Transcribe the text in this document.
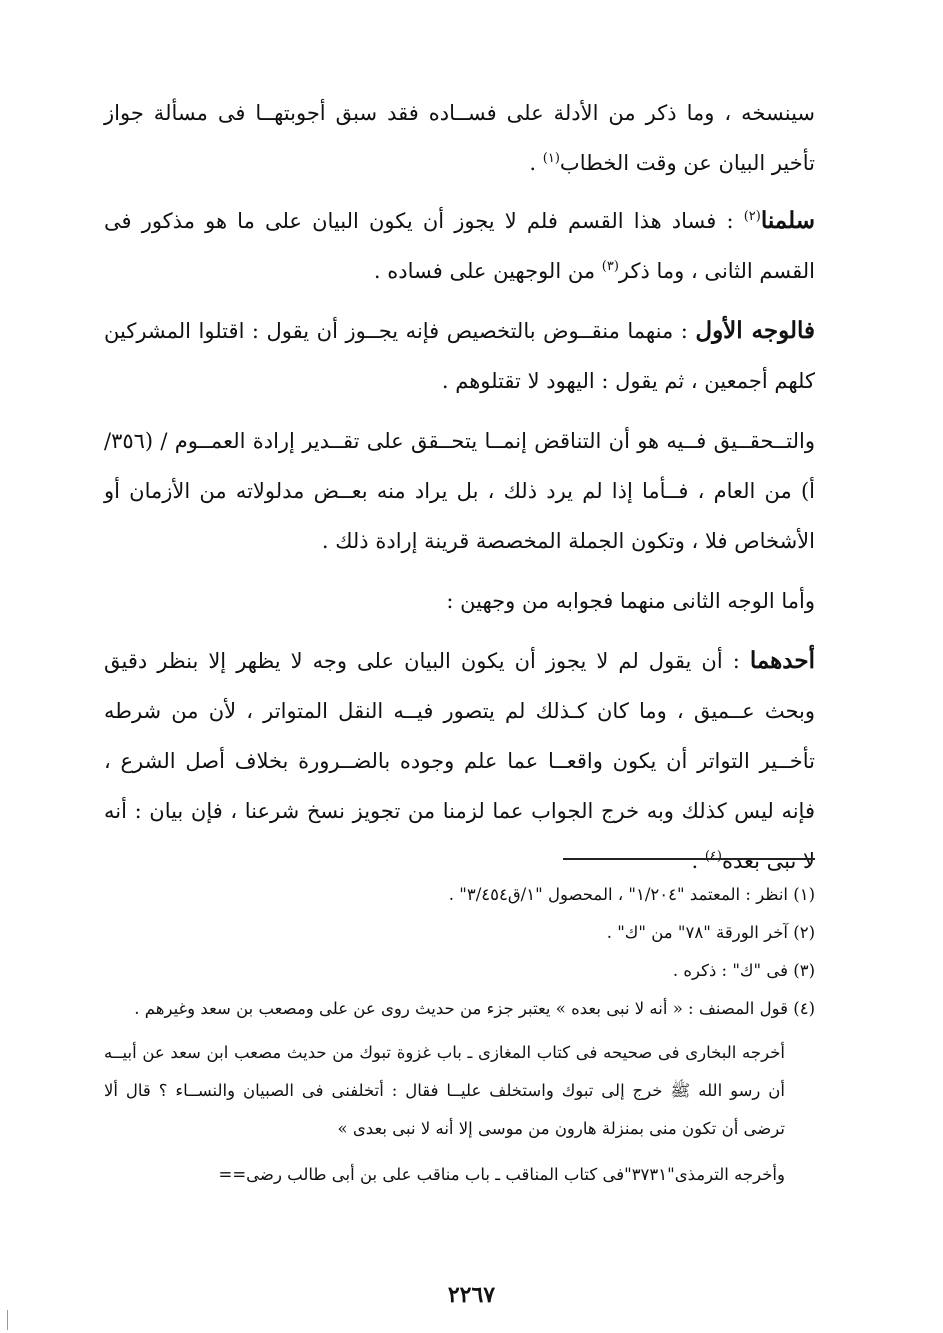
سينسخه ، وما ذكر من الأدلة على فســاده فقد سبق أجوبتهــا فى مسألة جواز تأخير البيان عن وقت الخطاب$^{(١)}$ .

سلمنا$^{(٢)}$ : فساد هذا القسم فلم لا يجوز أن يكون البيان على ما هو مذكور فى القسم الثانى ، وما ذكر$^{(٣)}$ من الوجهين على فساده .

فالوجه الأول : منهما منقــوض بالتخصيص فإنه يجــوز أن يقول : اقتلوا المشركين كلهم أجمعين ، ثم يقول : اليهود لا تقتلوهم .

والتــحقــيق فــيه هو أن التناقض إنمــا يتحــقق على تقــدير إرادة العمــوم / (٣٥٦/أ) من العام ، فــأما إذا لم يرد ذلك ، بل يراد منه بعــض مدلولاته من الأزمان أو الأشخاص فلا ، وتكون الجملة المخصصة قرينة إرادة ذلك .

وأما الوجه الثانى منهما فجوابه من وجهين :

أحدهما : أن يقول لم لا يجوز أن يكون البيان على وجه لا يظهر إلا بنظر دقيق وبحث عــميق ، وما كان كـذلك لم يتصور فيــه النقل المتواتر ، لأن من شرطه تأخــير التواتر أن يكون واقعــا عما علم وجوده بالضــرورة بخلاف أصل الشرع ، فإنه ليس كذلك وبه خرج الجواب عما لزمنا من تجويز نسخ شرعنا ، فإن بيان : أنه لا نبى بعده$^{(٤)}$ .

(١) انظر : المعتمد "١/٢٠٤" ، المحصول "١/ق٣/٤٥٤" .

(٢) آخر الورقة "٧٨" من "ك" .

(٣) فى "ك" : ذكره .

(٤) قول المصنف : « أنه لا نبى بعده » يعتبر جزء من حديث روى عن على ومصعب بن سعد وغيرهم .

أخرجه البخارى فى صحيحه فى كتاب المغازى ـ باب غزوة تبوك من حديث مصعب ابن سعد عن أبيــه أن رسو الله ﷺ خرج إلى تبوك واستخلف عليــا فقال : أتخلفنى فى الصبيان والنســاء ؟ قال ألا ترضى أن تكون منى بمنزلة هارون من موسى إلا أنه لا نبى بعدى »

وأخرجه الترمذى"٣٧٣١"فى كتاب المناقب ـ باب مناقب على بن أبى طالب رضى==

٢٢٦٧
